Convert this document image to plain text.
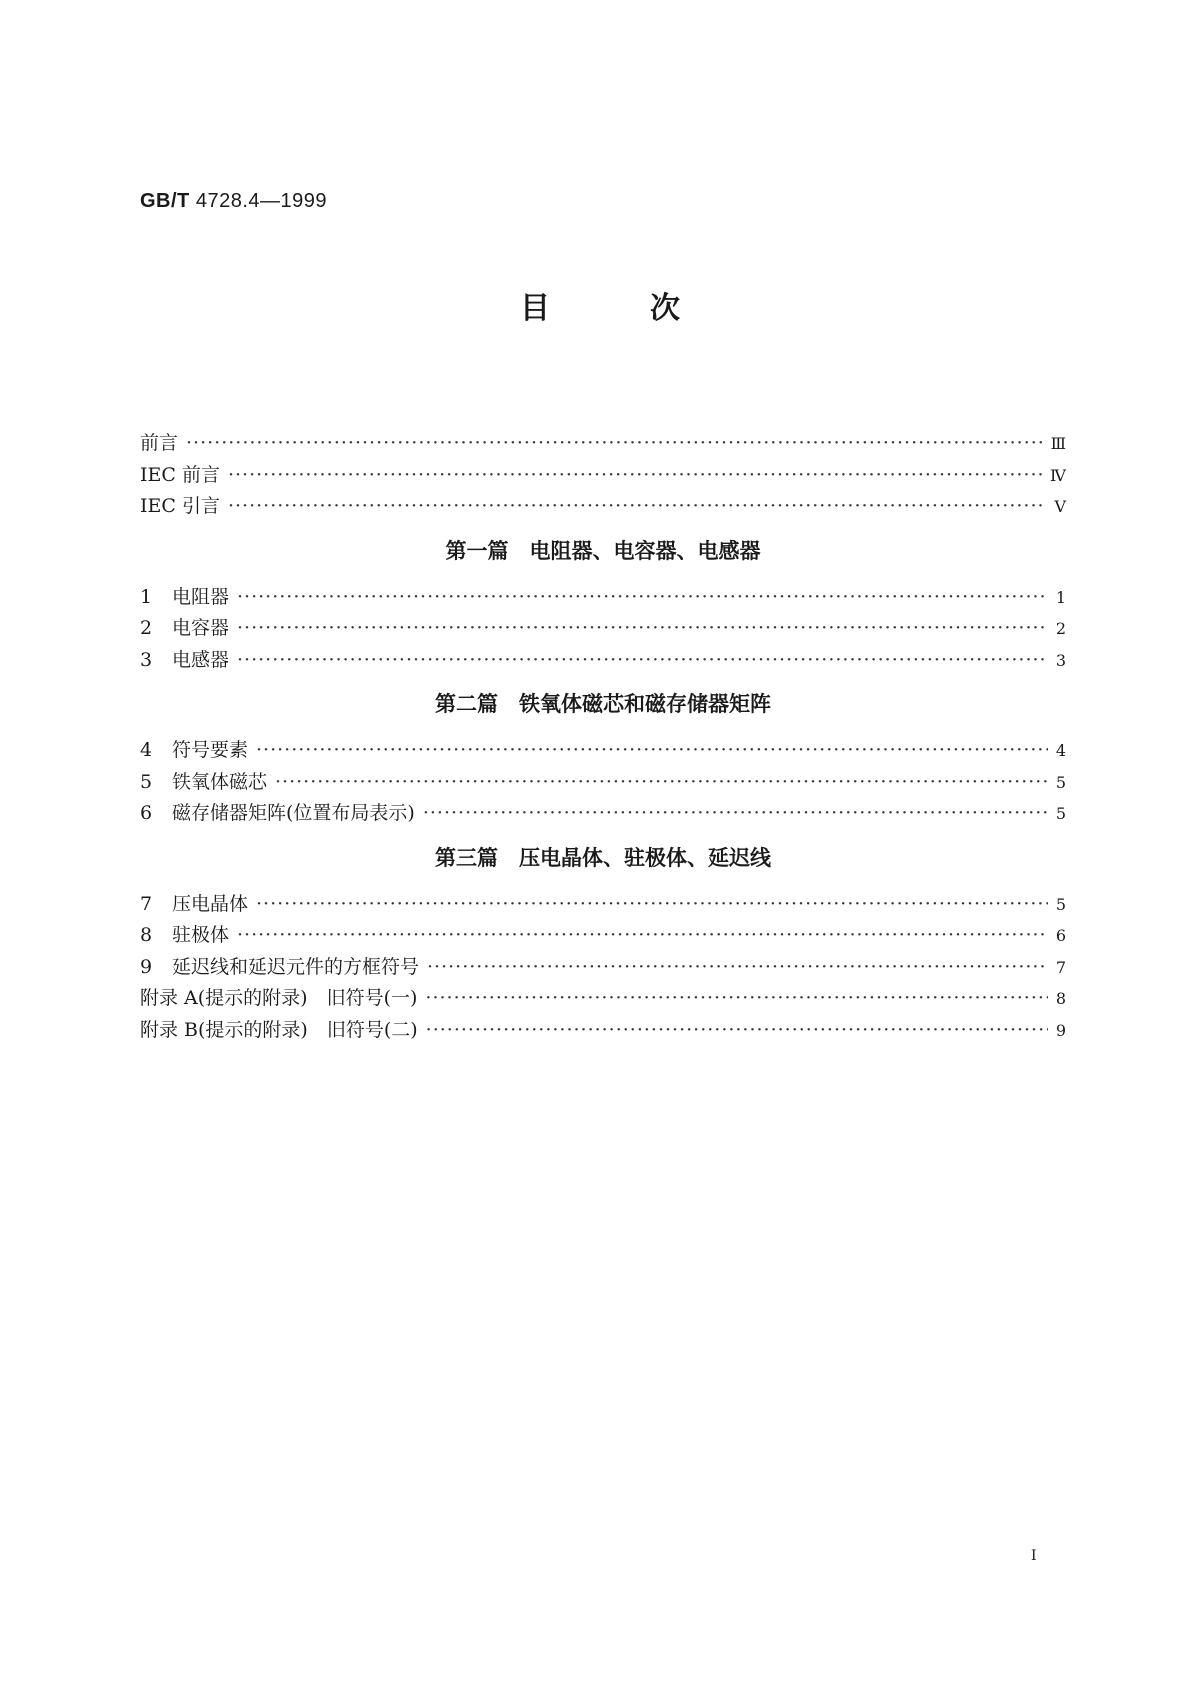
GB/T 4728.4—1999
目	次
前言 ·····	Ⅲ
IEC 前言 ·····	Ⅳ
IEC 引言 ·····	Ⅴ
第一篇　电阻器、电容器、电感器
1 电阻器 ·····	1
2 电容器 ·····	2
3 电感器 ·····	3
第二篇　铁氧体磁芯和磁存储器矩阵
4 符号要素 ·····	4
5 铁氧体磁芯 ·····	5
6 磁存储器矩阵(位置布局表示) ·····	5
第三篇　压电晶体、驻极体、延迟线
7 压电晶体 ·····	5
8 驻极体 ·····	6
9 延迟线和延迟元件的方框符号 ·····	7
附录 A(提示的附录)　旧符号(一) ·····	8
附录 B(提示的附录)　旧符号(二) ·····	9
Ⅰ
